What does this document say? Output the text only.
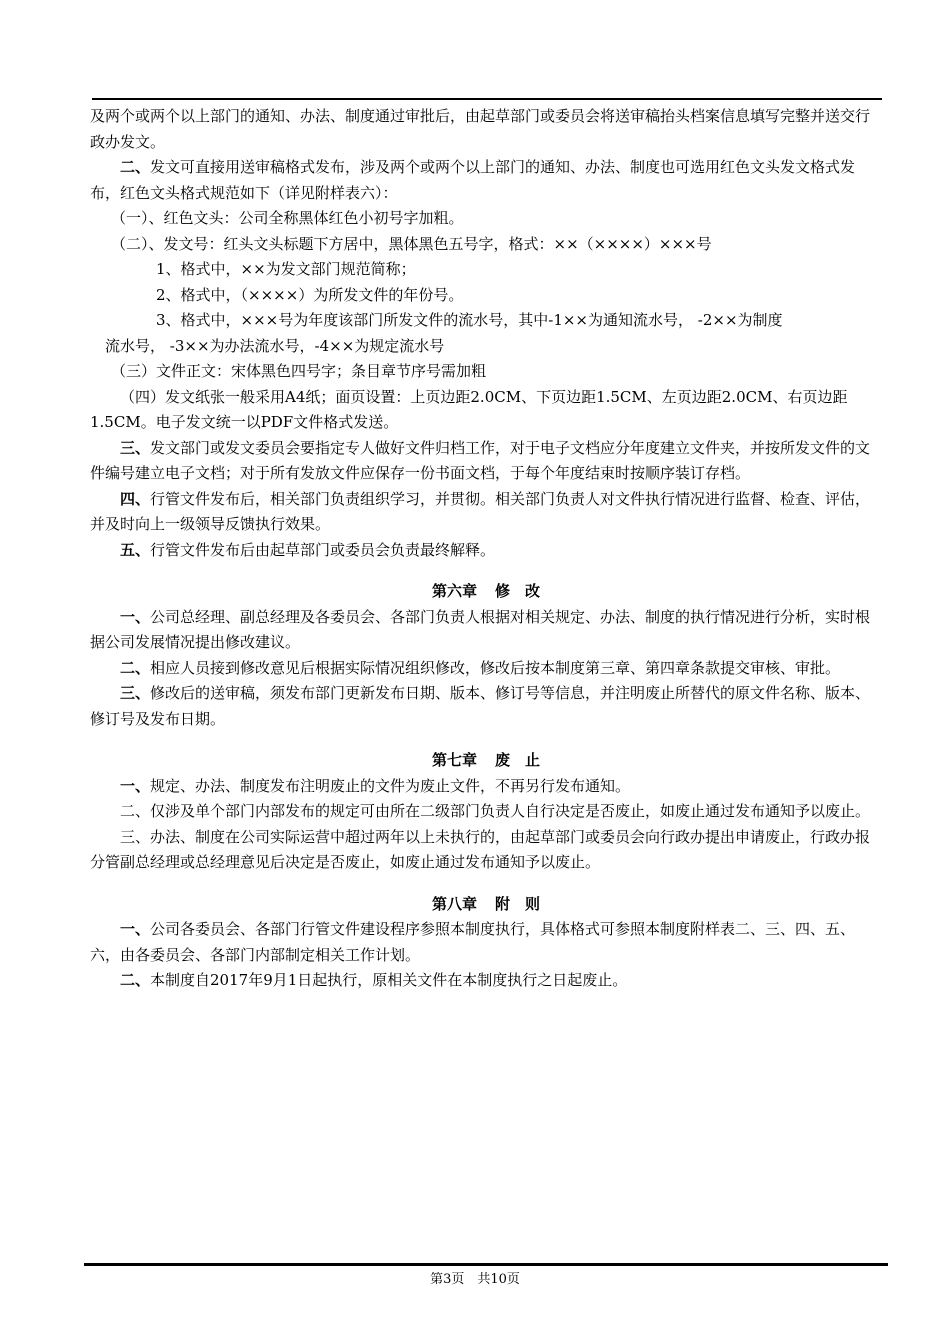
及两个或两个以上部门的通知、办法、制度通过审批后，由起草部门或委员会将送审稿抬头档案信息填写完整并送交行政办发文。

二、发文可直接用送审稿格式发布，涉及两个或两个以上部门的通知、办法、制度也可选用红色文头发文格式发布，红色文头格式规范如下（详见附样表六）：

（一）、红色文头：公司全称黑体红色小初号字加粗。

（二）、发文号：红头文头标题下方居中，黑体黑色五号字，格式：××（××××）×××号

1、格式中，××为发文部门规范简称；

2、格式中，（××××）为所发文件的年份号。

3、格式中，×××号为年度该部门所发文件的流水号，其中-1××为通知流水号， -2××为制度

流水号， -3××为办法流水号，-4××为规定流水号

（三）文件正文：宋体黑色四号字；条目章节序号需加粗

（四）发文纸张一般采用A4纸；面页设置：上页边距2.0CM、下页边距1.5CM、左页边距2.0CM、右页边距1.5CM。电子发文统一以PDF文件格式发送。

三、发文部门或发文委员会要指定专人做好文件归档工作，对于电子文档应分年度建立文件夹，并按所发文件的文件编号建立电子文档；对于所有发放文件应保存一份书面文档，于每个年度结束时按顺序装订存档。

四、行管文件发布后，相关部门负责组织学习，并贯彻。相关部门负责人对文件执行情况进行监督、检查、评估，并及时向上一级领导反馈执行效果。

五、行管文件发布后由起草部门或委员会负责最终解释。

第六章 修　改

一、公司总经理、副总经理及各委员会、各部门负责人根据对相关规定、办法、制度的执行情况进行分析，实时根据公司发展情况提出修改建议。

二、相应人员接到修改意见后根据实际情况组织修改，修改后按本制度第三章、第四章条款提交审核、审批。

三、修改后的送审稿，须发布部门更新发布日期、版本、修订号等信息，并注明废止所替代的原文件名称、版本、修订号及发布日期。

第七章 废　止

一、规定、办法、制度发布注明废止的文件为废止文件，不再另行发布通知。

二、仅涉及单个部门内部发布的规定可由所在二级部门负责人自行决定是否废止，如废止通过发布通知予以废止。

三、办法、制度在公司实际运营中超过两年以上未执行的，由起草部门或委员会向行政办提出申请废止，行政办报分管副总经理或总经理意见后决定是否废止，如废止通过发布通知予以废止。

第八章 附　则

一、公司各委员会、各部门行管文件建设程序参照本制度执行，具体格式可参照本制度附样表二、三、四、五、六，由各委员会、各部门内部制定相关工作计划。

二、本制度自2017年9月1日起执行，原相关文件在本制度执行之日起废止。

第3页　共10页
